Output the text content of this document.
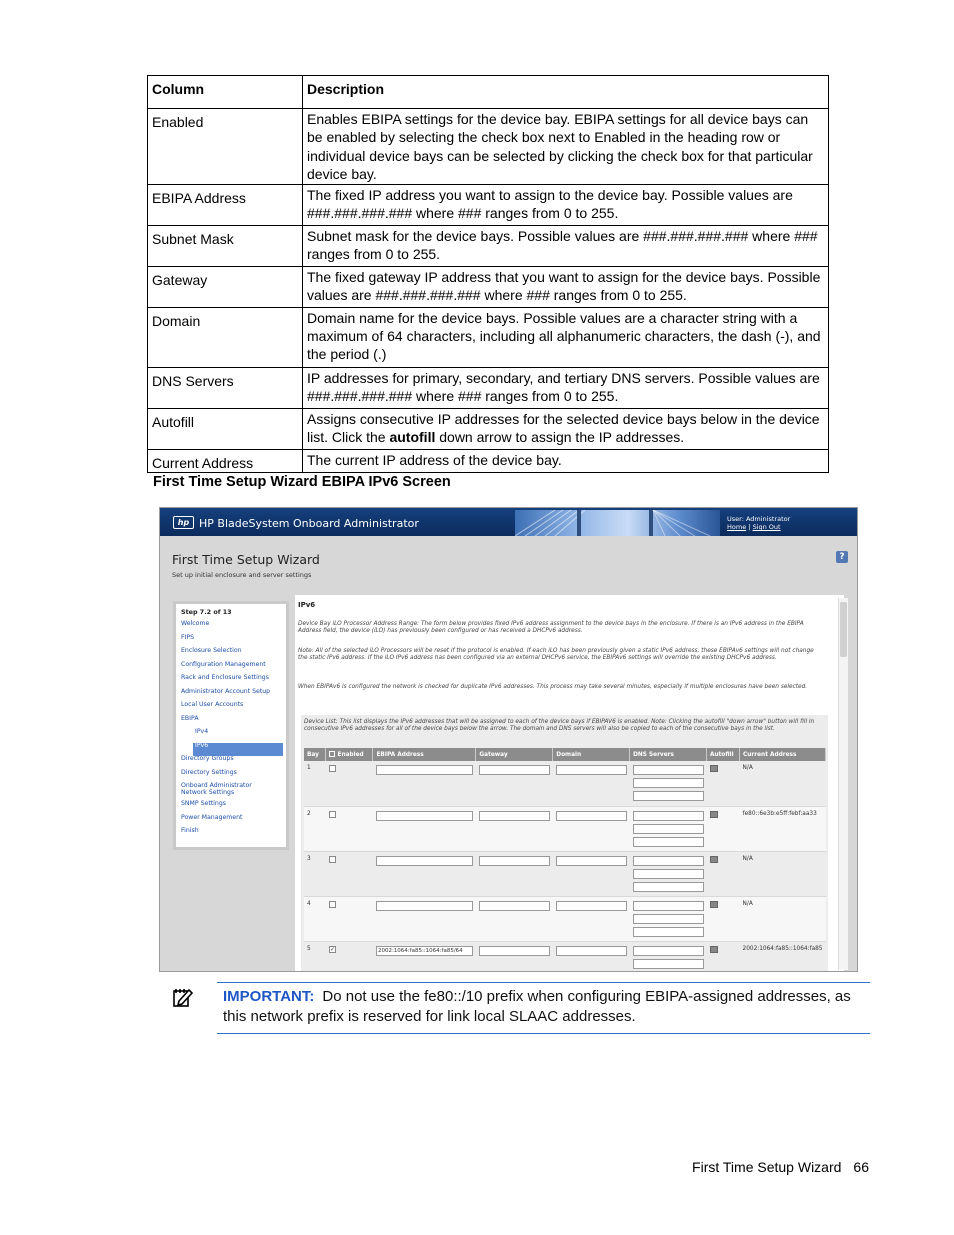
Column	Description
Enabled	Enables EBIPA settings for the device bay. EBIPA settings for all device bays can be enabled by selecting the check box next to Enabled in the heading row or individual device bays can be selected by clicking the check box for that particular device bay.
EBIPA Address	The fixed IP address you want to assign to the device bay. Possible values are ###.###.###.### where ### ranges from 0 to 255.
Subnet Mask	Subnet mask for the device bays. Possible values are ###.###.###.### where ### ranges from 0 to 255.
Gateway	The fixed gateway IP address that you want to assign for the device bays. Possible values are ###.###.###.### where ### ranges from 0 to 255.
Domain	Domain name for the device bays. Possible values are a character string with a maximum of 64 characters, including all alphanumeric characters, the dash (-), and the period (.)
DNS Servers	IP addresses for primary, secondary, and tertiary DNS servers. Possible values are ###.###.###.### where ### ranges from 0 to 255.
Autofill	Assigns consecutive IP addresses for the selected device bays below in the device list. Click the autofill down arrow to assign the IP addresses.
Current Address	The current IP address of the device bay.
First Time Setup Wizard EBIPA IPv6 Screen
hp HP BladeSystem Onboard Administrator	User: Administrator
Home | Sign Out
First Time Setup Wizard
Set up initial enclosure and server settings
?
Step 7.2 of 13
Welcome
FIPS
Enclosure Selection
Configuration Management
Rack and Enclosure Settings
Administrator Account Setup
Local User Accounts
EBIPA
IPv4
IPv6
Directory Groups
Directory Settings
Onboard Administrator Network Settings
SNMP Settings
Power Management
Finish
IPv6
Device Bay iLO Processor Address Range: The form below provides fixed IPv6 address assignment to the device bays in the enclosure. If there is an IPv6 address in the EBIPA Address field, the device (iLO) has previously been configured or has received a DHCPv6 address.
Note: All of the selected iLO Processors will be reset if the protocol is enabled. If each iLO has been previously given a static IPv6 address, these EBIPAv6 settings will not change the static IPv6 address. If the iLO IPv6 address has been configured via an external DHCPv6 service, the EBIPAv6 settings will override the existing DHCPv6 address.
When EBIPAv6 is configured the network is checked for duplicate IPv6 addresses. This process may take several minutes, especially if multiple enclosures have been selected.
Device List: This list displays the IPv6 addresses that will be assigned to each of the device bays if EBIPAV6 is enabled. Note: Clicking the autofill "down arrow" button will fill in consecutive IPv6 addresses for all of the device bays below the arrow. The domain and DNS servers will also be copied to each of the consecutive bays in the list.
Bay	Enabled	EBIPA Address	Gateway	Domain	DNS Servers	Autofill	Current Address
1							N/A
2							fe80::6e3b:e5ff:febf:aa33
3							N/A
4							N/A
5	✓	2002:1064:fa85::1064:fa85/64					2002:1064:fa85::1064:fa85
IMPORTANT: Do not use the fe80::/10 prefix when configuring EBIPA-assigned addresses, as this network prefix is reserved for link local SLAAC addresses.
First Time Setup Wizard 66
